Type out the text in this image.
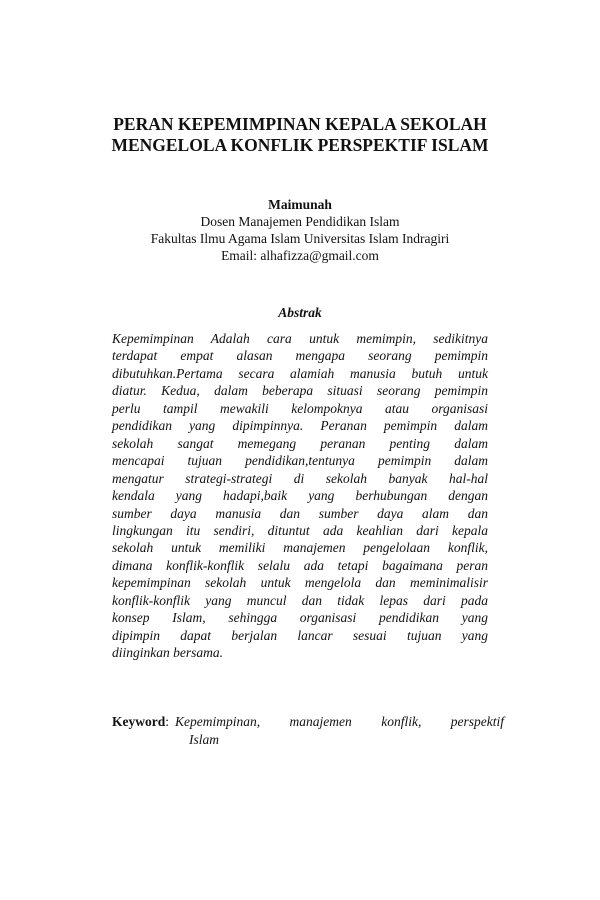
PERAN KEPEMIMPINAN KEPALA SEKOLAH
MENGELOLA KONFLIK PERSPEKTIF ISLAM
Maimunah
Dosen Manajemen Pendidikan Islam
Fakultas Ilmu Agama Islam Universitas Islam Indragiri
Email: alhafizza@gmail.com
Abstrak
Kepemimpinan Adalah cara untuk memimpin, sedikitnya
terdapat empat alasan mengapa seorang pemimpin
dibutuhkan.Pertama secara alamiah manusia butuh untuk
diatur. Kedua, dalam beberapa situasi seorang pemimpin
perlu tampil mewakili kelompoknya atau organisasi
pendidikan yang dipimpinnya. Peranan pemimpin dalam
sekolah sangat memegang peranan penting dalam
mencapai tujuan pendidikan,tentunya pemimpin dalam
mengatur strategi-strategi di sekolah banyak hal-hal
kendala yang hadapi,baik yang berhubungan dengan
sumber daya manusia dan sumber daya alam dan
lingkungan itu sendiri, dituntut ada keahlian dari kepala
sekolah untuk memiliki manajemen pengelolaan konflik,
dimana konflik-konflik selalu ada tetapi bagaimana peran
kepemimpinan sekolah untuk mengelola dan meminimalisir
konflik-konflik yang muncul dan tidak lepas dari pada
konsep Islam, sehingga organisasi pendidikan yang
dipimpin dapat berjalan lancar sesuai tujuan yang
diinginkan bersama.
Keyword : Kepemimpinan, manajemen konflik, perspektif
Islam
